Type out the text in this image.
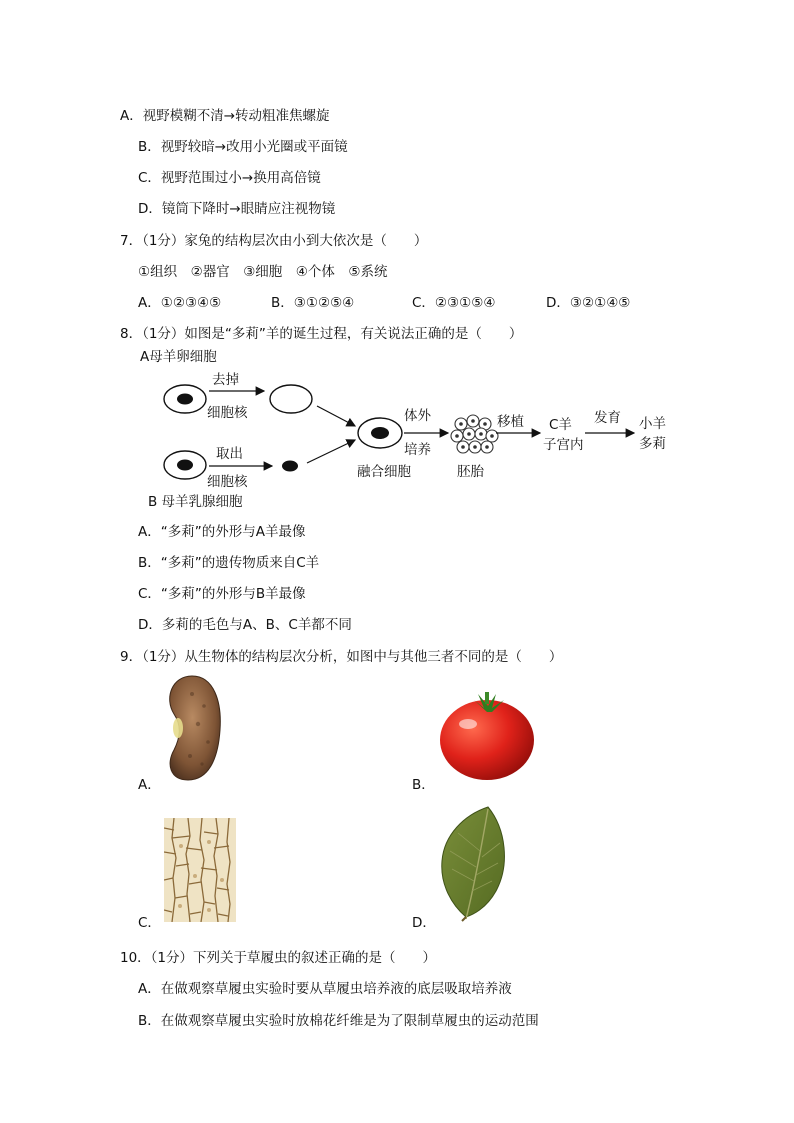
A．视野模糊不清→转动粗准焦螺旋
B．视野较暗→改用小光圈或平面镜
C．视野范围过小→换用高倍镜
D．镜筒下降时→眼睛应注视物镜
7．（1分）家兔的结构层次由小到大依次是（　　）
①组织　②器官　③细胞　④个体　⑤系统
A．①②③④⑤	B．③①②⑤④	C．②③①⑤④	D．③②①④⑤
8．（1分）如图是“多莉”羊的诞生过程，有关说法正确的是（　　）
A母羊卵细胞
去掉
细胞核
取出
细胞核
融合细胞
体外
培养
胚胎
移植 C羊
子宫内
发育 小羊
多莉
B 母羊乳腺细胞
A．“多莉”的外形与A羊最像
B．“多莉”的遗传物质来自C羊
C．“多莉”的外形与B羊最像
D．多莉的毛色与A、B、C羊都不同
9．（1分）从生物体的结构层次分析，如图中与其他三者不同的是（　　）
A．	B．
C．	D．
10．（1分）下列关于草履虫的叙述正确的是（　　）
A．在做观察草履虫实验时要从草履虫培养液的底层吸取培养液
B．在做观察草履虫实验时放棉花纤维是为了限制草履虫的运动范围
